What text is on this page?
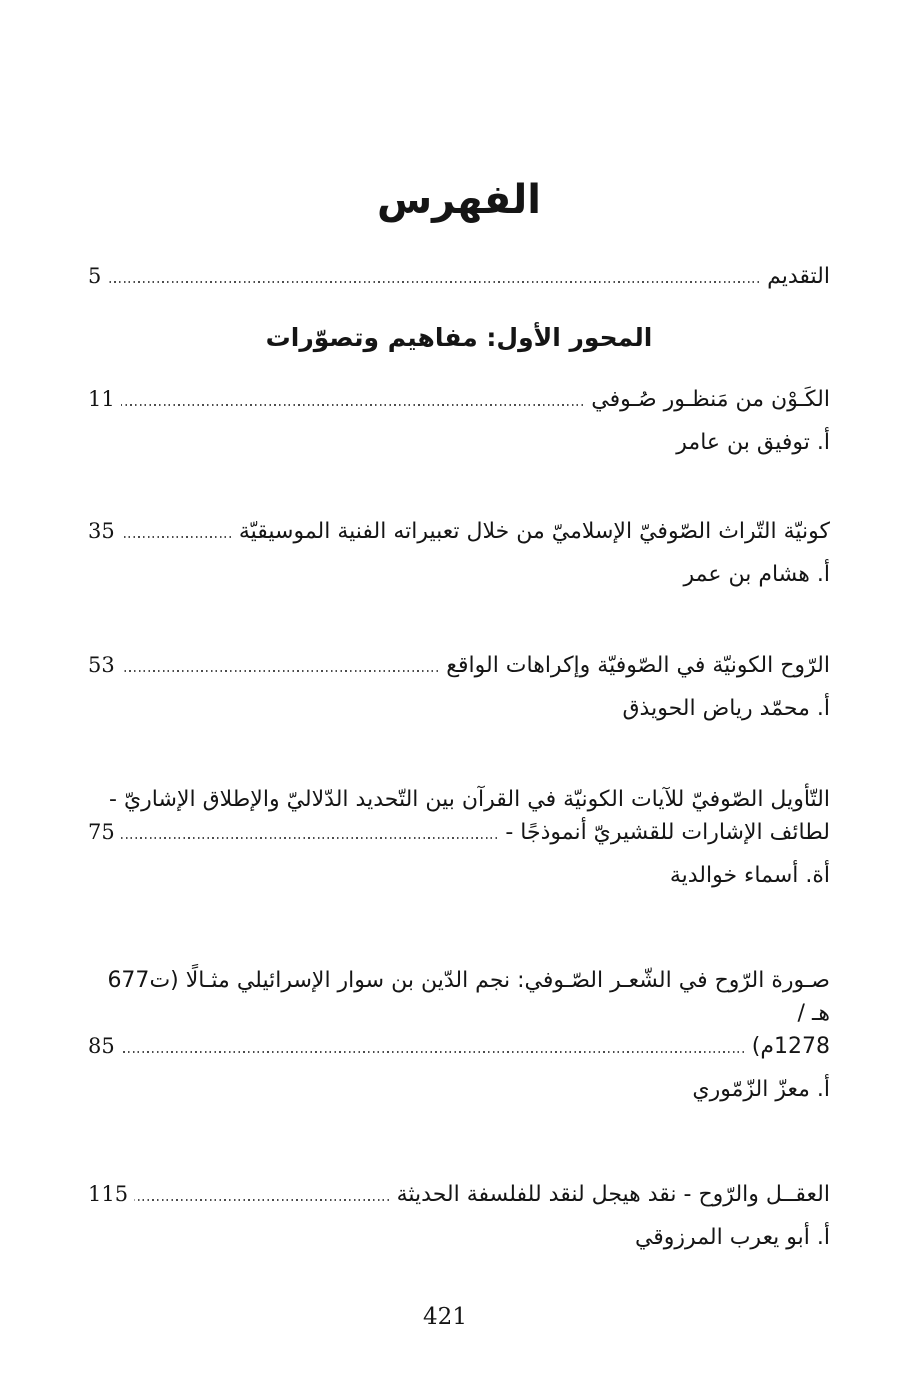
الفهرس
التقديم
5
المحور الأول: مفاهيم وتصوّرات
الكَـوْن من مَنظـور صُـوفي
11
أ. توفيق بن عامر
كونيّة التّراث الصّوفيّ الإسلاميّ من خلال تعبيراته الفنية الموسيقيّة
35
أ. هشام بن عمر
الرّوح الكونيّة في الصّوفيّة وإكراهات الواقع
53
أ. محمّد رياض الحويذق
التّأويل الصّوفيّ للآيات الكونيّة في القرآن بين التّحديد الدّلاليّ والإطلاق الإشاريّ -
لطائف الإشارات للقشيريّ أنموذجًا -
75
أة. أسماء خوالدية
صـورة الرّوح في الشّعـر الصّـوفي: نجم الدّين بن سوار الإسرائيلي مثـالًا (ت677 هـ /
1278م)
85
أ. معزّ الزّمّوري
العقــل والرّوح - نقد هيجل لنقد للفلسفة الحديثة
115
أ. أبو يعرب المرزوقي
421
